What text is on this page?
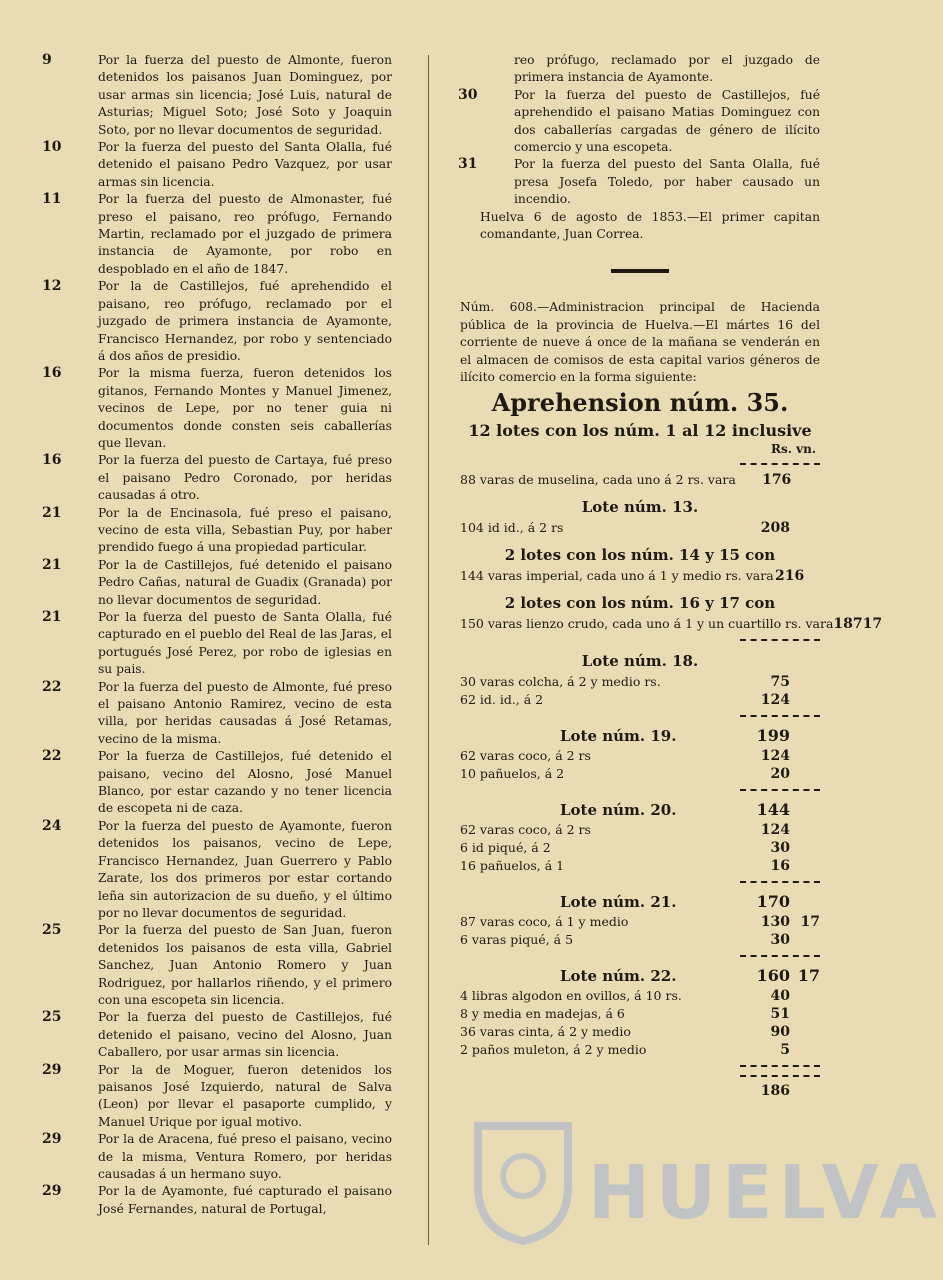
9	Por la fuerza del puesto de Almonte, fueron detenidos los paisanos Juan Dominguez, por usar armas sin licencia; José Luis, natural de Asturias; Miguel Soto; José Soto y Joaquin Soto, por no llevar documentos de seguridad.
10	Por la fuerza del puesto del Santa Olalla, fué detenido el paisano Pedro Vazquez, por usar armas sin licencia.
11	Por la fuerza del puesto de Almonaster, fué preso el paisano, reo prófugo, Fernando Martin, reclamado por el juzgado de primera instancia de Ayamonte, por robo en despoblado en el año de 1847.
12	Por la de Castillejos, fué aprehendido el paisano, reo prófugo, reclamado por el juzgado de primera instancia de Ayamonte, Francisco Hernandez, por robo y sentenciado á dos años de presidio.
16	Por la misma fuerza, fueron detenidos los gitanos, Fernando Montes y Manuel Jimenez, vecinos de Lepe, por no tener guia ni documentos donde consten seis caballerías que llevan.
16	Por la fuerza del puesto de Cartaya, fué preso el paisano Pedro Coronado, por heridas causadas á otro.
21	Por la de Encinasola, fué preso el paisano, vecino de esta villa, Sebastian Puy, por haber prendido fuego á una propiedad particular.
21	Por la de Castillejos, fué detenido el paisano Pedro Cañas, natural de Guadix (Granada) por no llevar documentos de seguridad.
21	Por la fuerza del puesto de Santa Olalla, fué capturado en el pueblo del Real de las Jaras, el portugués José Perez, por robo de iglesias en su pais.
22	Por la fuerza del puesto de Almonte, fué preso el paisano Antonio Ramirez, vecino de esta villa, por heridas causadas á José Retamas, vecino de la misma.
22	Por la fuerza de Castillejos, fué detenido el paisano, vecino del Alosno, José Manuel Blanco, por estar cazando y no tener licencia de escopeta ni de caza.
24	Por la fuerza del puesto de Ayamonte, fueron detenidos los paisanos, vecino de Lepe, Francisco Hernandez, Juan Guerrero y Pablo Zarate, los dos primeros por estar cortando leña sin autorizacion de su dueño, y el último por no llevar documentos de seguridad.
25	Por la fuerza del puesto de San Juan, fueron detenidos los paisanos de esta villa, Gabriel Sanchez, Juan Antonio Romero y Juan Rodriguez, por hallarlos riñendo, y el primero con una escopeta sin licencia.
25	Por la fuerza del puesto de Castillejos, fué detenido el paisano, vecino del Alosno, Juan Caballero, por usar armas sin licencia.
29	Por la de Moguer, fueron detenidos los paisanos José Izquierdo, natural de Salva (Leon) por llevar el pasaporte cumplido, y Manuel Urique por igual motivo.
29	Por la de Aracena, fué preso el paisano, vecino de la misma, Ventura Romero, por heridas causadas á un hermano suyo.
29	Por la de Ayamonte, fué capturado el paisano José Fernandes, natural de Portugal,
reo prófugo, reclamado por el juzgado de primera instancia de Ayamonte.
30	Por la fuerza del puesto de Castillejos, fué aprehendido el paisano Matias Dominguez con dos caballerías cargadas de género de ilícito comercio y una escopeta.
31	Por la fuerza del puesto del Santa Olalla, fué presa Josefa Toledo, por haber causado un incendio.
Huelva 6 de agosto de 1853.—El primer capitan comandante, Juan Correa.
Núm. 608.—Administracion principal de Hacienda pública de la provincia de Huelva.—El mártes 16 del corriente de nueve á once de la mañana se venderán en el almacen de comisos de esta capital varios géneros de ilícito comercio en la forma siguiente:
Aprehension núm. 35.
12 lotes con los núm. 1 al 12 inclusive
Rs. vn.
88 varas de muselina, cada uno á 2 rs. vara	176
Lote núm. 13.
104 id id., á 2 rs	208
2 lotes con los núm. 14 y 15 con
144 varas imperial, cada uno á 1 y medio rs. vara 216
2 lotes con los núm. 16 y 17 con
150 varas lienzo crudo, cada uno á 1 y un cuartillo rs. vara 187 17
Lote núm. 18.
30 varas colcha, á 2 y medio rs.	75
62 id. id., á 2	124
Lote núm. 19.	199
62 varas coco, á 2 rs	124
10 pañuelos, á 2	20
Lote núm. 20.	144
62 varas coco, á 2 rs	124
6 id piqué, á 2	30
16 pañuelos, á 1	16
Lote núm. 21.	170
87 varas coco, á 1 y medio	130 17
6 varas piqué, á 5	30
Lote núm. 22.	160 17
4 libras algodon en ovillos, á 10 rs.	40
8 y media en madejas, á 6	51
36 varas cinta, á 2 y medio	90
2 paños muleton, á 2 y medio	5
186
HUELVA
